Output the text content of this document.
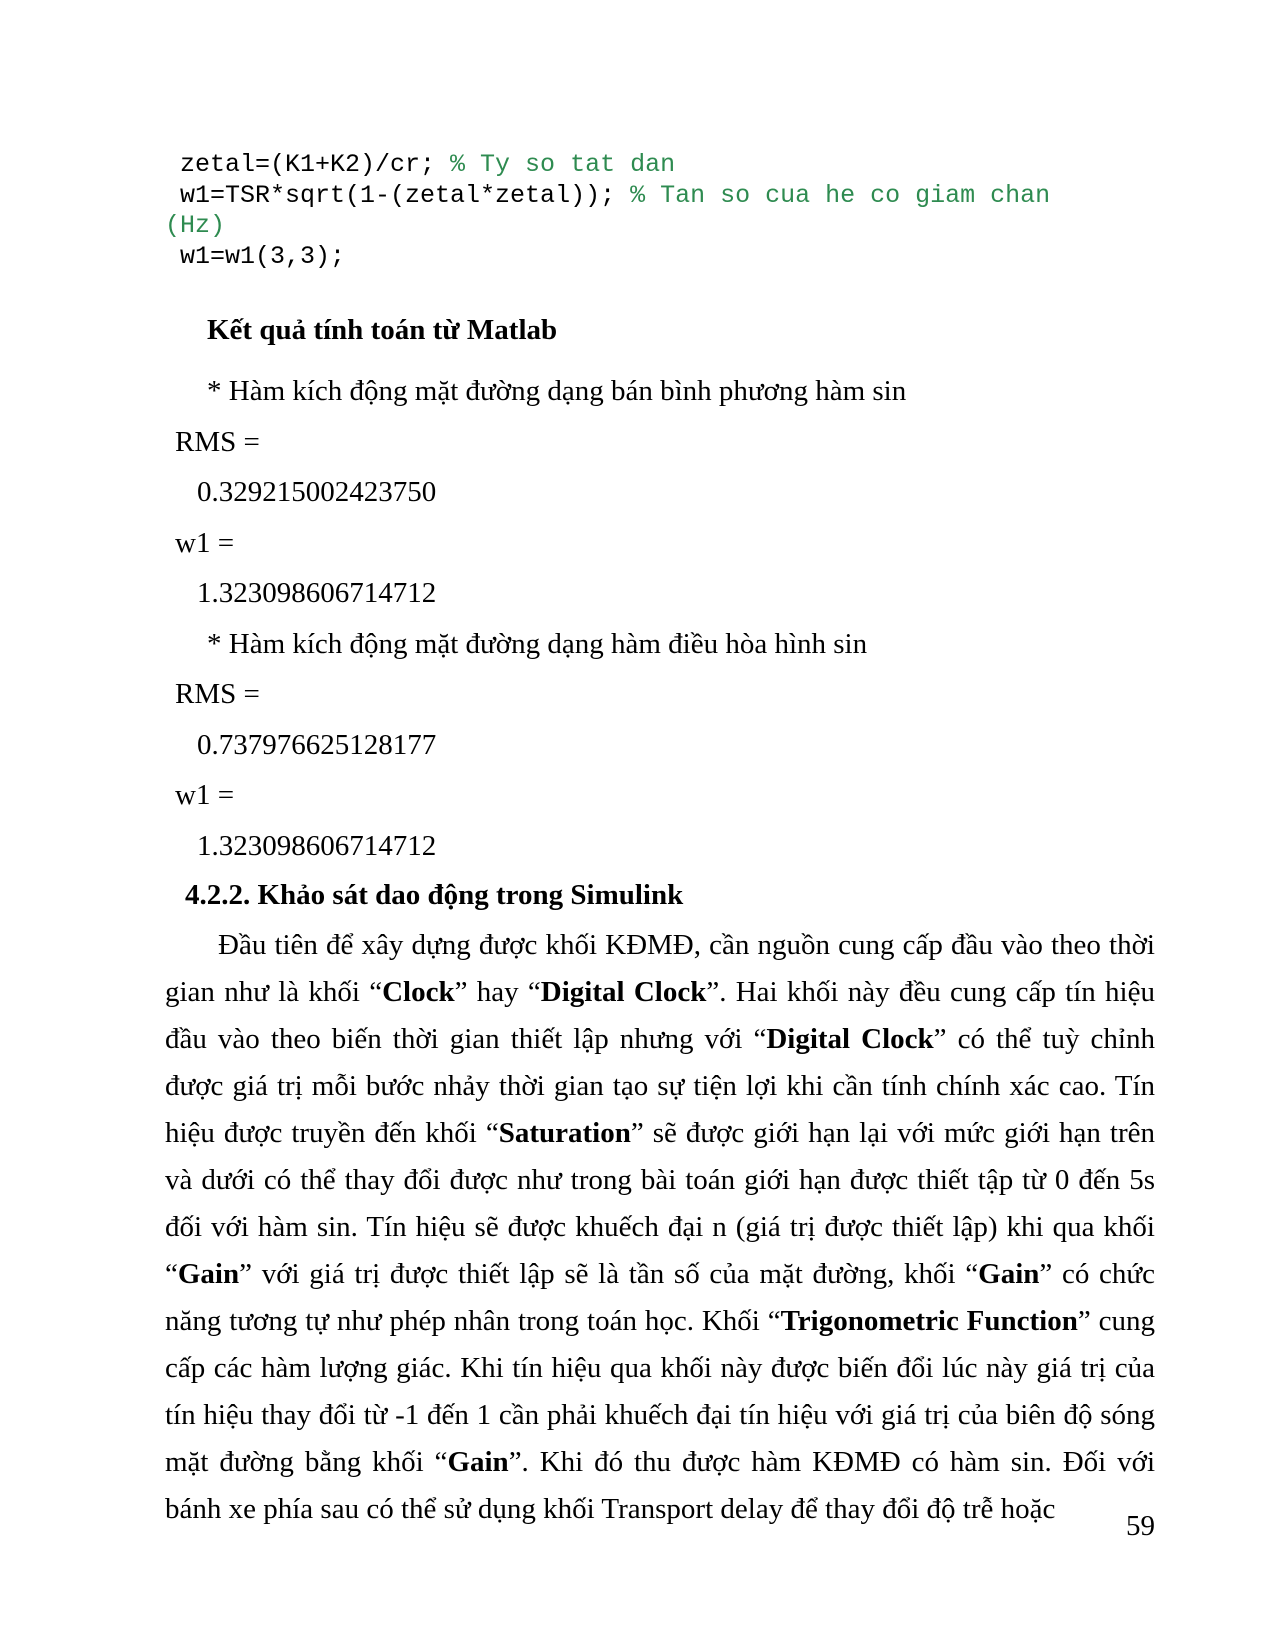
zetal=(K1+K2)/cr; % Ty so tat dan
w1=TSR*sqrt(1-(zetal*zetal)); % Tan so cua he co giam chan
(Hz)
w1=w1(3,3);
Kết quả tính toán từ Matlab
* Hàm kích động mặt đường dạng bán bình phương hàm sin
RMS =
0.329215002423750
w1 =
1.323098606714712
* Hàm kích động mặt đường dạng hàm điều hòa hình sin
RMS =
0.737976625128177
w1 =
1.323098606714712
4.2.2. Khảo sát dao động trong Simulink
Đầu tiên để xây dựng được khối KĐMĐ, cần nguồn cung cấp đầu vào theo thời gian như là khối “Clock” hay “Digital Clock”. Hai khối này đều cung cấp tín hiệu đầu vào theo biến thời gian thiết lập nhưng với “Digital Clock” có thể tuỳ chỉnh được giá trị mỗi bước nhảy thời gian tạo sự tiện lợi khi cần tính chính xác cao. Tín hiệu được truyền đến khối “Saturation” sẽ được giới hạn lại với mức giới hạn trên và dưới có thể thay đổi được như trong bài toán giới hạn được thiết tập từ 0 đến 5s đối với hàm sin. Tín hiệu sẽ được khuếch đại n (giá trị được thiết lập) khi qua khối “Gain” với giá trị được thiết lập sẽ là tần số của mặt đường, khối “Gain” có chức năng tương tự như phép nhân trong toán học. Khối “Trigonometric Function” cung cấp các hàm lượng giác. Khi tín hiệu qua khối này được biến đổi lúc này giá trị của tín hiệu thay đổi từ -1 đến 1 cần phải khuếch đại tín hiệu với giá trị của biên độ sóng mặt đường bằng khối “Gain”. Khi đó thu được hàm KĐMĐ có hàm sin. Đối với bánh xe phía sau có thể sử dụng khối Transport delay để thay đổi độ trễ hoặc
59
